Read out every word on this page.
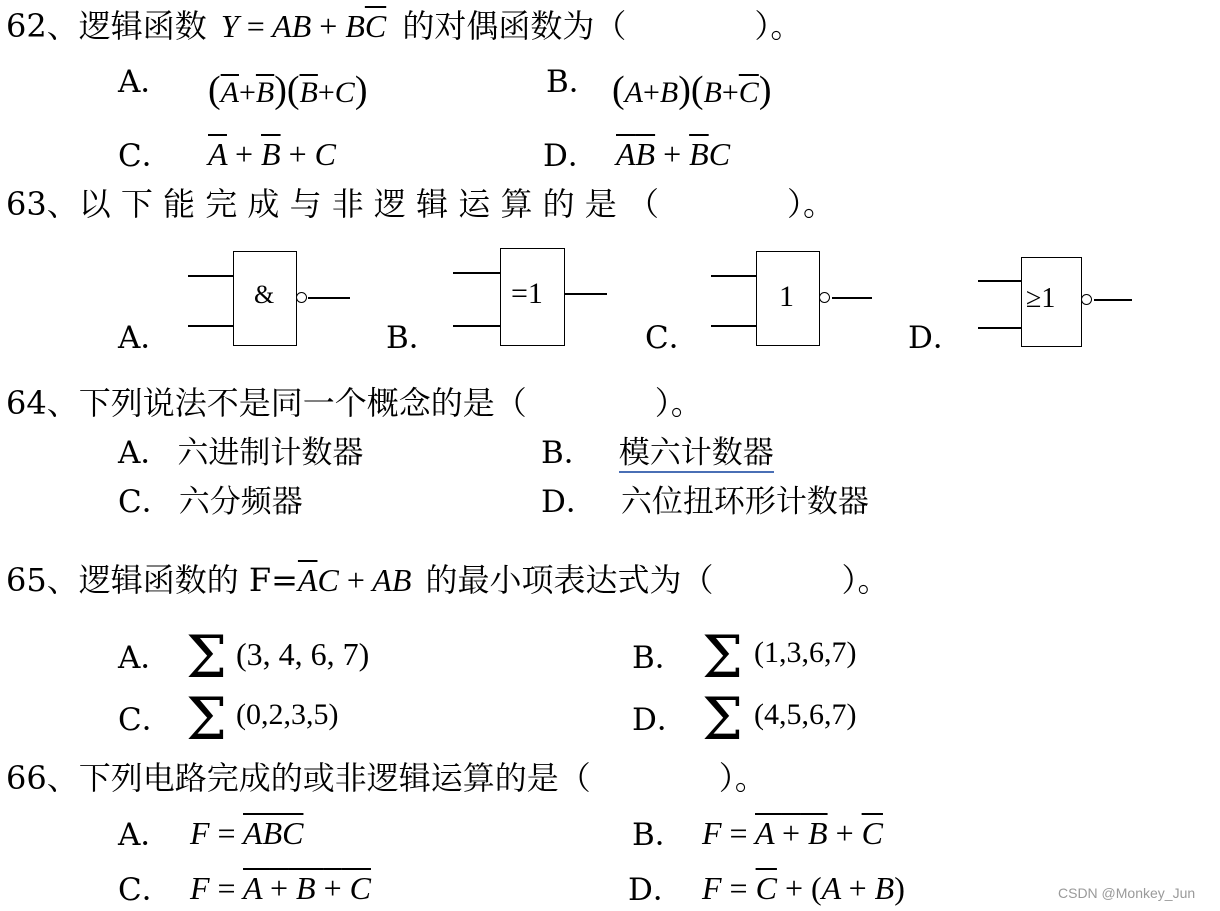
62、逻辑函数 Y = AB + $B\overline{C}$ 的对偶函数为（　　　　）。
A． $(\overline{A}+\overline{B})(\overline{B}+C)$	B． $(A+B)(B+\overline{C})$
C． $\overline{A} + \overline{B} + C$	D． $\overline{A}\overline{B} + \overline{B}C$
63、以 下 能 完 成 与 非 逻 辑 运 算 的 是 （　　　　）。
A．
&
B．
=1
C．
1
D．
≥1
64、下列说法不是同一个概念的是（　　　　）。
A． 六进制计数器	B． 模六计数器
C． 六分频器	D． 六位扭环形计数器
65、逻辑函数的 $F=\overline{A}C$ + AB 的最小项表达式为（　　　　）。
A． Σ (3, 4, 6, 7)	B． Σ (1,3,6,7)
C． Σ (0,2,3,5)	D． Σ (4,5,6,7)
66、下列电路完成的或非逻辑运算的是（　　　　）。
A． $F = \overline{ABC}$	B． $F = A + B + \overline{C}$
C． F = A + B + C	D． $F = \overline{C} + (A + B)$	CSDN @Monkey_Jun
